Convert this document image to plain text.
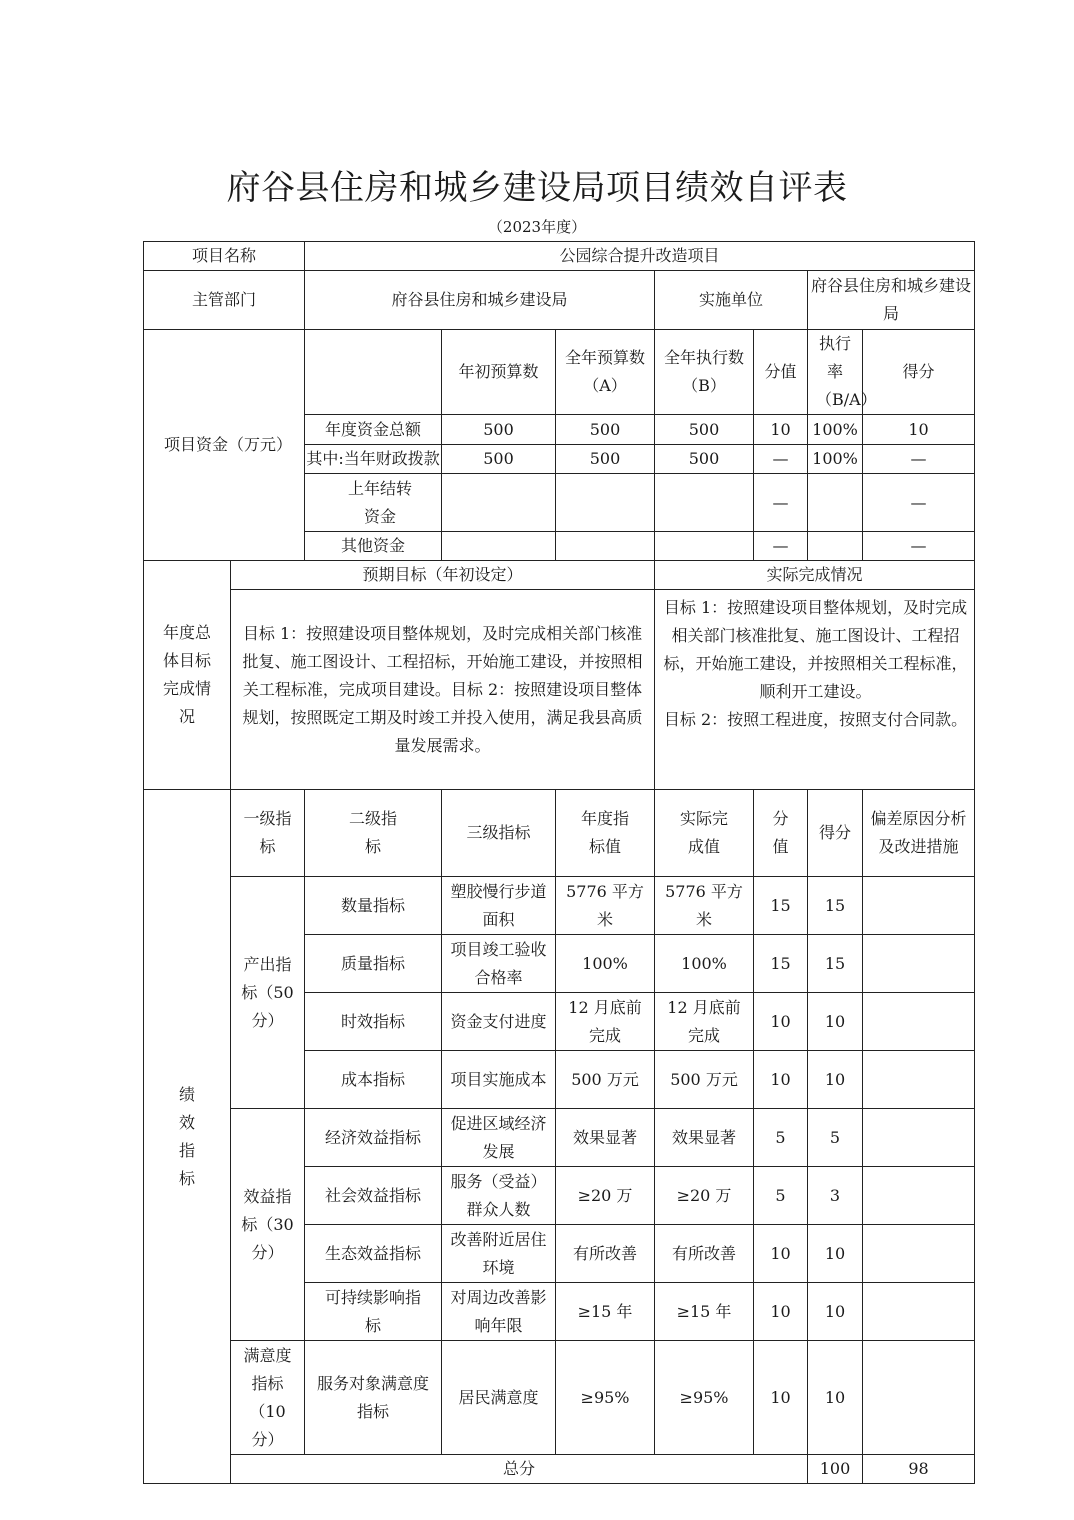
府谷县住房和城乡建设局项目绩效自评表
（2023年度）
项目名称		公园综合提升改造项目							
主管部门		府谷县住房和城乡建设局			实施单位		府谷县住房和城乡建设局		
项目资金（万元）			年初预算数	全年预算数（A）	全年执行数（B）	分值	执行率（B/A）	得分	
		年度资金总额	500	500	500	10	100%	10	
		其中:当年财政拨款	500	500	500	—	100%	—	
		上年结转资金				—		—	
		其他资金				—		—	
年度总体目标完成情况	预期目标（年初设定）				实际完成情况				
	目标 1：按照建设项目整体规划，及时完成相关部门核准批复、施工图设计、工程招标，开始施工建设，并按照相关工程标准，完成项目建设。目标 2：按照建设项目整体规划，按照既定工期及时竣工并投入使用，满足我县高质量发展需求。				目标 1：按照建设项目整体规划，及时完成相关部门核准批复、施工图设计、工程招标，开始施工建设，并按照相关工程标准，顺利开工建设。
目标 2：按照工程进度，按照支付合同款。				

绩效指标	一级指标	二级指标	三级指标	年度指标值	实际完成值	分值	得分	偏差原因分析及改进措施	
	产出指标（50分）	数量指标	塑胶慢行步道面积	5776 平方米	5776 平方米	15	15		
		质量指标	项目竣工验收合格率	100%	100%	15	15		
		时效指标	资金支付进度	12 月底前完成	12 月底前完成	10	10		
		成本指标	项目实施成本	500 万元	500 万元	10	10		
	效益指标（30分）	经济效益指标	促进区域经济发展	效果显著	效果显著	5	5		
		社会效益指标	服务（受益）群众人数	≥20 万	≥20 万	5	3		
		生态效益指标	改善附近居住环境	有所改善	有所改善	10	10		
		可持续影响指标	对周边改善影响年限	≥15 年	≥15 年	10	10		
	满意度指标（10分）	服务对象满意度指标	居民满意度	≥95%	≥95%	10	10		
	总分						100	98	
